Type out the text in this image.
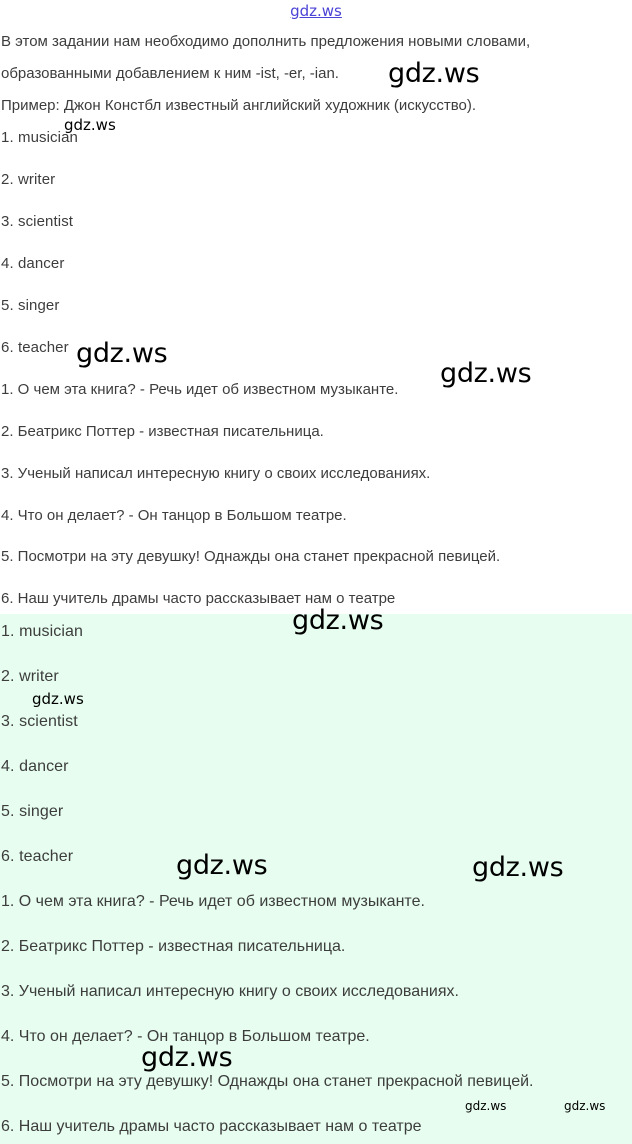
gdz.ws
В этом задании нам необходимо дополнить предложения новыми словами,
образованными добавлением к ним -ist, -er, -ian.
Пример: Джон Констбл известный английский художник (искусство).
1. musician
2. writer
3. scientist
4. dancer
5. singer
6. teacher
1. О чем эта книга? - Речь идет об известном музыканте.
2. Беатрикс Поттер - известная писательница.
3. Ученый написал интересную книгу о своих исследованиях.
4. Что он делает? - Он танцор в Большом театре.
5. Посмотри на эту девушку! Однажды она станет прекрасной певицей.
6. Наш учитель драмы часто рассказывает нам о театре
1. musician
2. writer
3. scientist
4. dancer
5. singer
6. teacher
1. О чем эта книга? - Речь идет об известном музыканте.
2. Беатрикс Поттер - известная писательница.
3. Ученый написал интересную книгу о своих исследованиях.
4. Что он делает? - Он танцор в Большом театре.
5. Посмотри на эту девушку! Однажды она станет прекрасной певицей.
6. Наш учитель драмы часто рассказывает нам о театре
gdz.ws
gdz.ws
gdz.ws
gdz.ws
gdz.ws
gdz.ws
gdz.ws	gdz.ws
gdz.ws
gdz.ws	gdz.ws
